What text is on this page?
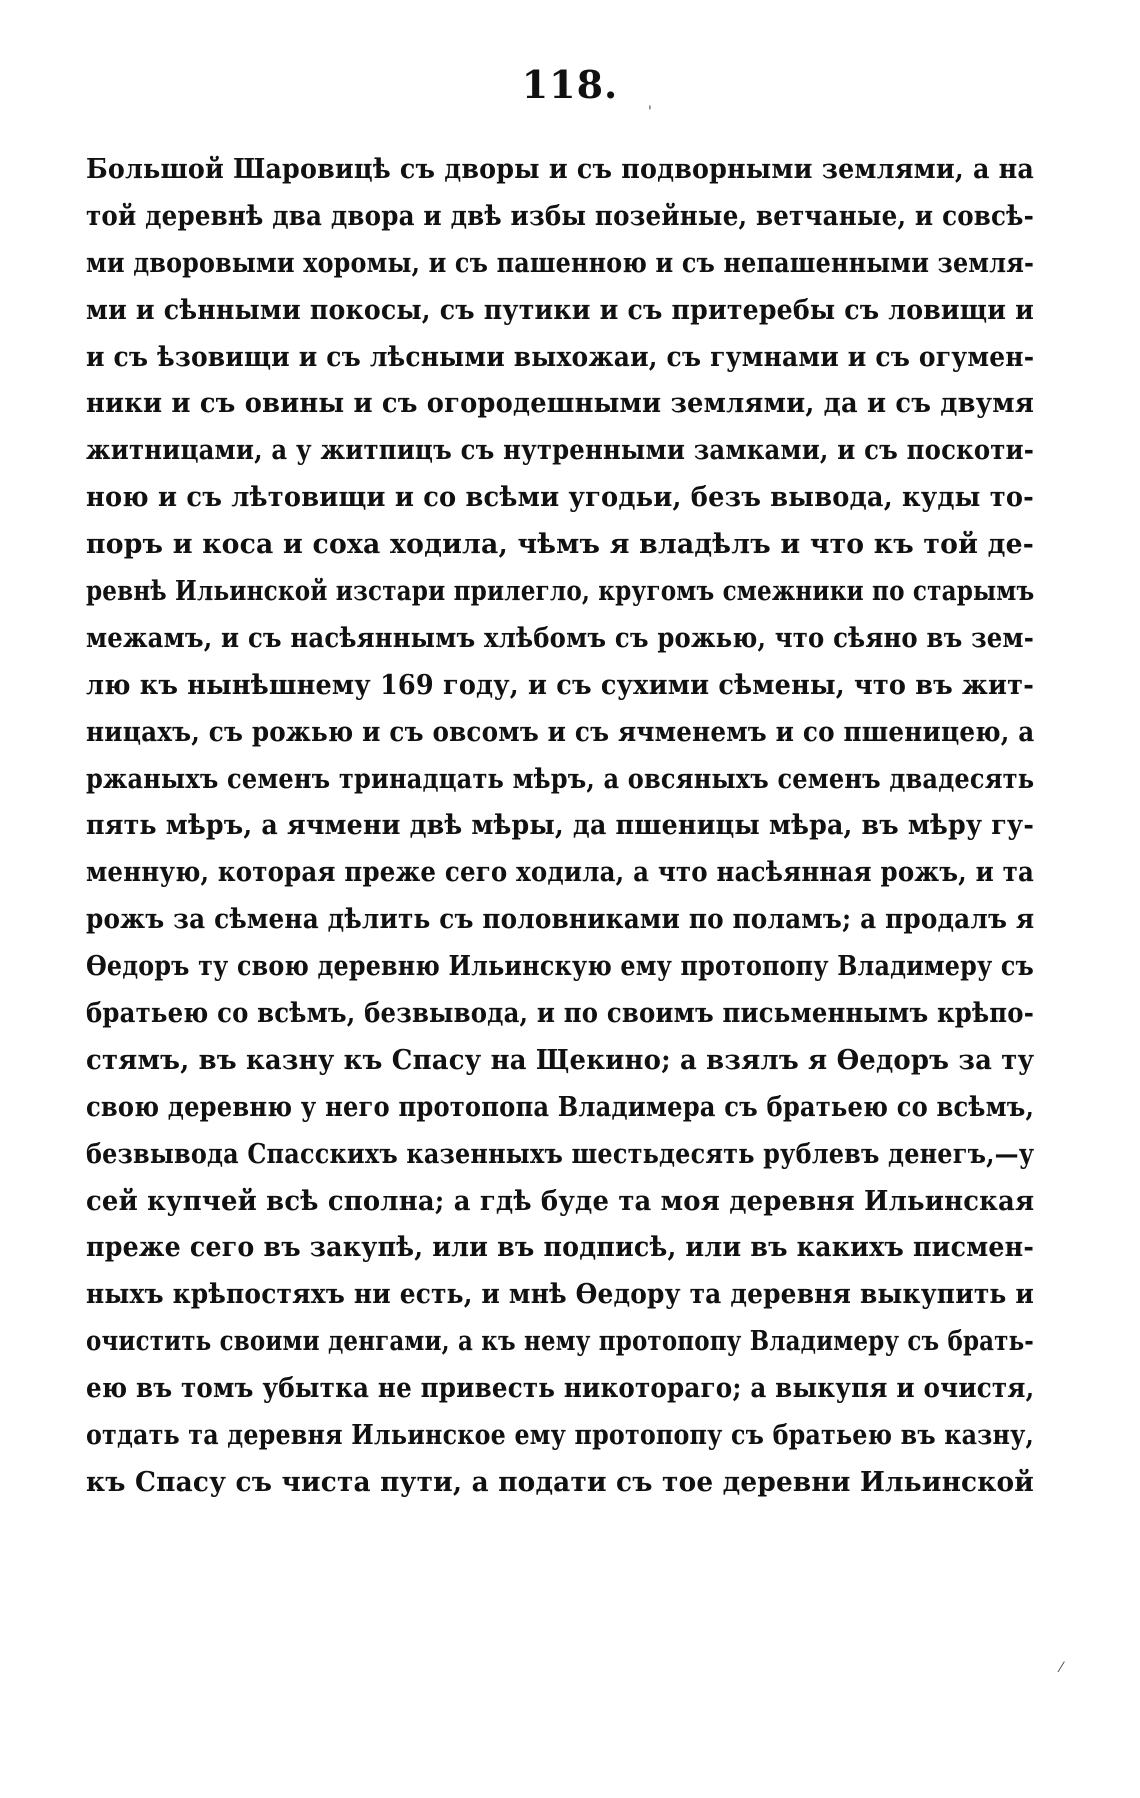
118.
Большой Шаровицѣ съ дворы и съ подворными землями, а на
той деревнѣ два двора и двѣ избы позейные, ветчаные, и совсѣ-
ми дворовыми хоромы, и съ пашенною и съ непашенными земля-
ми и сѣнными покосы, съ путики и съ притеребы съ ловищи и
и съ ѣзовищи и съ лѣсными выхожаи, съ гумнами и съ огумен-
ники и съ овины и съ огородешными землями, да и съ двумя
житницами, а у житпицъ съ нутренными замками, и съ поскоти-
ною и съ лѣтовищи и со всѣми угодьи, безъ вывода, куды то-
поръ и коса и соха ходила, чѣмъ я владѣлъ и что къ той де-
ревнѣ Ильинской изстари прилегло, кругомъ смежники по старымъ
межамъ, и съ насѣяннымъ хлѣбомъ съ рожью, что сѣяно въ зем-
лю къ нынѣшнему 169 году, и съ сухими сѣмены, что въ жит-
ницахъ, съ рожью и съ овсомъ и съ ячменемъ и со пшеницею, а
ржаныхъ семенъ тринадцать мѣръ, а овсяныхъ семенъ двадесять
пять мѣръ, а ячмени двѣ мѣры, да пшеницы мѣра, въ мѣру гу-
менную, которая преже сего ходила, а что насѣянная рожъ, и та
рожъ за сѣмена дѣлить съ половниками по поламъ; а продалъ я
Ѳедоръ ту свою деревню Ильинскую ему протопопу Владимеру съ
братьею со всѣмъ, безвывода, и по своимъ письменнымъ крѣпо-
стямъ, въ казну къ Спасу на Щекино; а взялъ я Ѳедоръ за ту
свою деревню у него протопопа Владимера съ братьею со всѣмъ,
безвывода Спасскихъ казенныхъ шестьдесять рублевъ денегъ,—у
сей купчей всѣ сполна; а гдѣ буде та моя деревня Ильинская
преже сего въ закупѣ, или въ подписѣ, или въ какихъ писмен-
ныхъ крѣпостяхъ ни есть, и мнѣ Ѳедору та деревня выкупить и
очистить своими денгами, а къ нему протопопу Владимеру съ брать-
ею въ томъ убытка не привесть никотораго; а выкупя и очистя,
отдать та деревня Ильинское ему протопопу съ братьею въ казну,
къ Спасу съ чиста пути, а подати съ тое деревни Ильинской
'
⁄
